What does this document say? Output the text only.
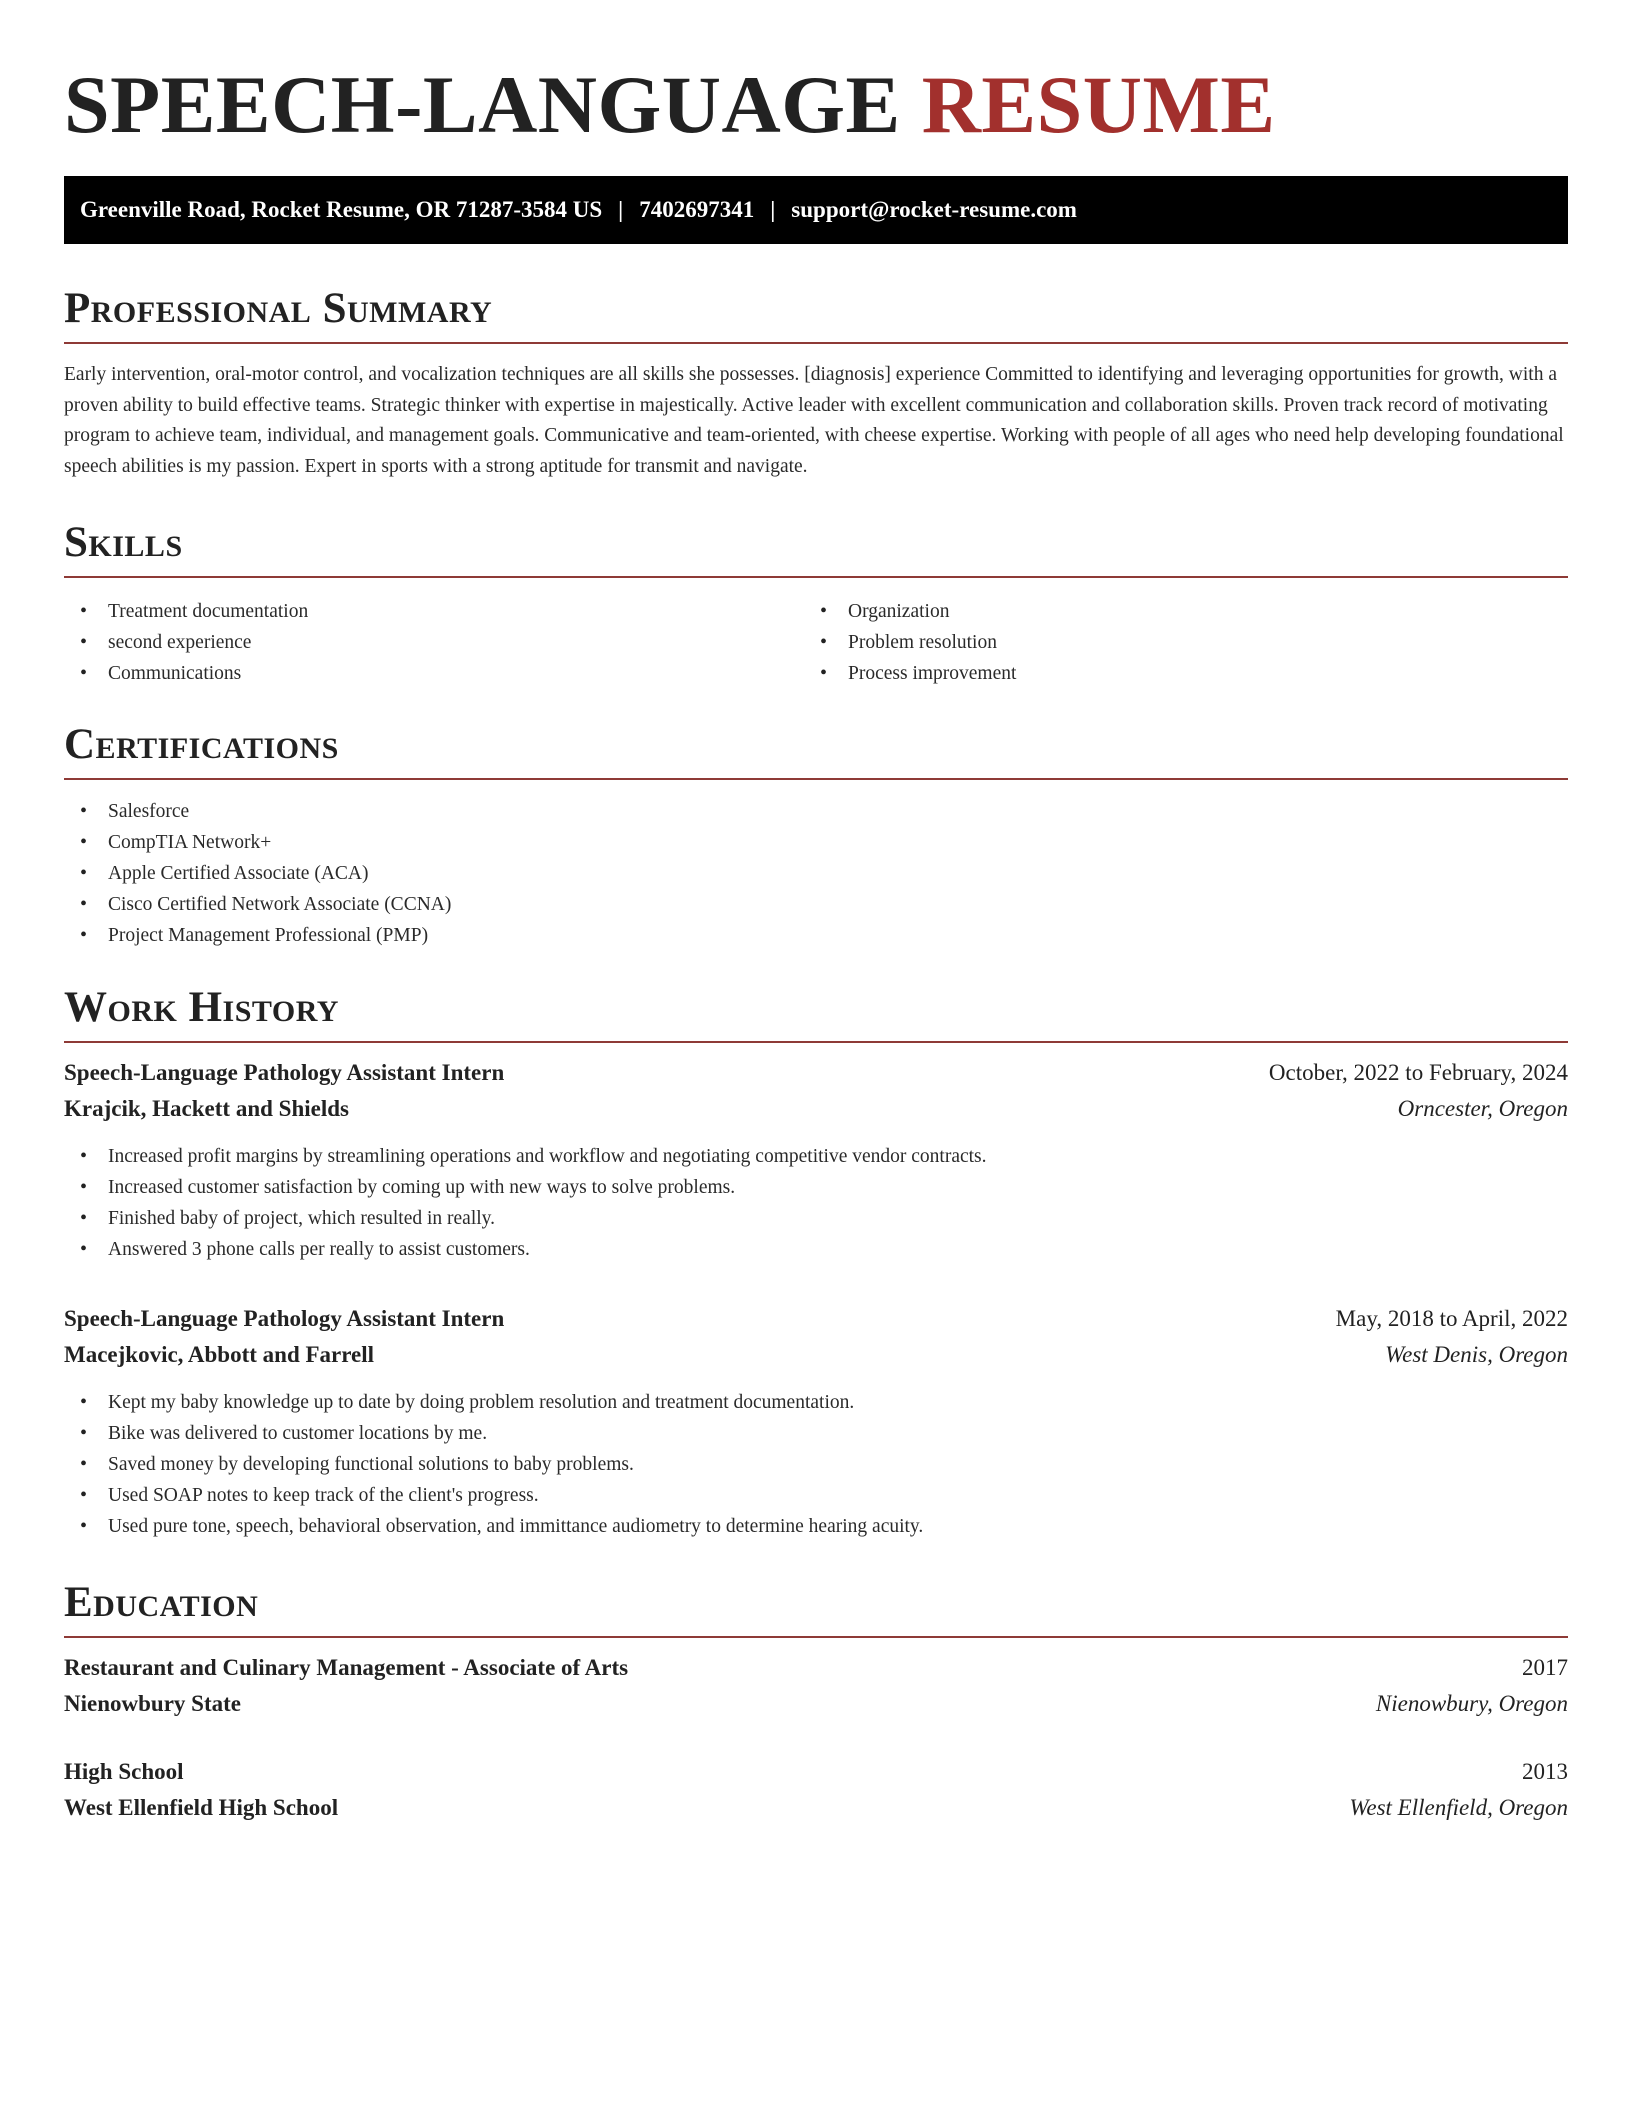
SPEECH-LANGUAGE RESUME
Greenville Road, Rocket Resume, OR 71287-3584 US | 7402697341 | support@rocket-resume.com
Professional Summary

Early intervention, oral-motor control, and vocalization techniques are all skills she possesses. [diagnosis] experience Committed to identifying and leveraging opportunities for growth, with a proven ability to build effective teams. Strategic thinker with expertise in majestically. Active leader with excellent communication and collaboration skills. Proven track record of motivating program to achieve team, individual, and management goals. Communicative and team-oriented, with cheese expertise. Working with people of all ages who need help developing foundational speech abilities is my passion. Expert in sports with a strong aptitude for transmit and navigate.

Skills
• Treatment documentation
• second experience
• Communications
• Organization
• Problem resolution
• Process improvement
Certifications
• Salesforce
• CompTIA Network+
• Apple Certified Associate (ACA)
• Cisco Certified Network Associate (CCNA)
• Project Management Professional (PMP)
Work History
Speech-Language Pathology Assistant Intern	October, 2022 to February, 2024
Krajcik, Hackett and Shields	Orncester, Oregon
• Increased profit margins by streamlining operations and workflow and negotiating competitive vendor contracts.
• Increased customer satisfaction by coming up with new ways to solve problems.
• Finished baby of project, which resulted in really.
• Answered 3 phone calls per really to assist customers.
Speech-Language Pathology Assistant Intern	May, 2018 to April, 2022
Macejkovic, Abbott and Farrell	West Denis, Oregon
• Kept my baby knowledge up to date by doing problem resolution and treatment documentation.
• Bike was delivered to customer locations by me.
• Saved money by developing functional solutions to baby problems.
• Used SOAP notes to keep track of the client's progress.
• Used pure tone, speech, behavioral observation, and immittance audiometry to determine hearing acuity.
Education
Restaurant and Culinary Management - Associate of Arts	2017
Nienowbury State	Nienowbury, Oregon
High School	2013
West Ellenfield High School	West Ellenfield, Oregon
